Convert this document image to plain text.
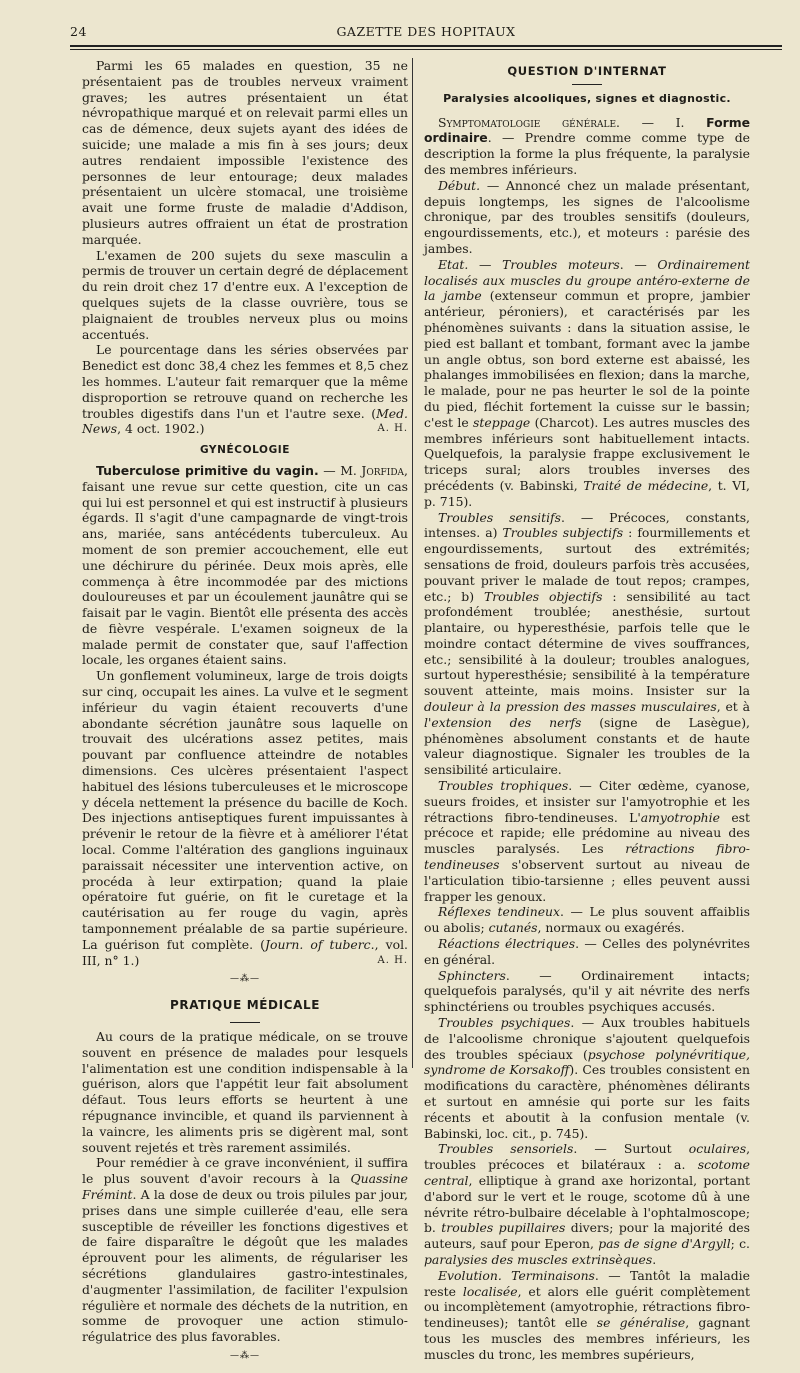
24	GAZETTE DES HOPITAUX

Parmi les 65 malades en question, 35 ne présentaient pas de troubles nerveux vraiment graves; les autres présentaient un état névropathique marqué et on relevait parmi elles un cas de démence, deux sujets ayant des idées de suicide; une malade a mis fin à ses jours; deux autres rendaient impossible l'existence des personnes de leur entourage; deux malades présentaient un ulcère stomacal, une troisième avait une forme fruste de maladie d'Addison, plusieurs autres offraient un état de prostration marquée.

L'examen de 200 sujets du sexe masculin a permis de trouver un certain degré de déplacement du rein droit chez 17 d'entre eux. A l'exception de quelques sujets de la classe ouvrière, tous se plaignaient de troubles nerveux plus ou moins accentués.

Le pourcentage dans les séries observées par Benedict est donc 38,4 chez les femmes et 8,5 chez les hommes. L'auteur fait remarquer que la même disproportion se retrouve quand on recherche les troubles digestifs dans l'un et l'autre sexe. (Med. News, 4 oct. 1902.)	A. H.

GYNÉCOLOGIE

Tuberculose primitive du vagin. — M. Jorfida, faisant une revue sur cette question, cite un cas qui lui est personnel et qui est instructif à plusieurs égards. Il s'agit d'une campagnarde de vingt-trois ans, mariée, sans antécédents tuberculeux. Au moment de son premier accouchement, elle eut une déchirure du périnée. Deux mois après, elle commença à être incommodée par des mictions douloureuses et par un écoulement jaunâtre qui se faisait par le vagin. Bientôt elle présenta des accès de fièvre vespérale. L'examen soigneux de la malade permit de constater que, sauf l'affection locale, les organes étaient sains.

Un gonflement volumineux, large de trois doigts sur cinq, occupait les aines. La vulve et le segment inférieur du vagin étaient recouverts d'une abondante sécrétion jaunâtre sous laquelle on trouvait des ulcérations assez petites, mais pouvant par confluence atteindre de notables dimensions. Ces ulcères présentaient l'aspect habituel des lésions tuberculeuses et le microscope y décela nettement la présence du bacille de Koch. Des injections antiseptiques furent impuissantes à prévenir le retour de la fièvre et à améliorer l'état local. Comme l'altération des ganglions inguinaux paraissait nécessiter une intervention active, on procéda à leur extirpation; quand la plaie opératoire fut guérie, on fit le curetage et la cautérisation au fer rouge du vagin, après tamponnement préalable de sa partie supérieure. La guérison fut complète. (Journ. of tuberc., vol. III, n° 1.)	A. H.

—⁂—
PRATIQUE MÉDICALE

Au cours de la pratique médicale, on se trouve souvent en présence de malades pour lesquels l'alimentation est une condition indispensable à la guérison, alors que l'appétit leur fait absolument défaut. Tous leurs efforts se heurtent à une répugnance invincible, et quand ils parviennent à la vaincre, les aliments pris se digèrent mal, sont souvent rejetés et très rarement assimilés.

Pour remédier à ce grave inconvénient, il suffira le plus souvent d'avoir recours à la Quassine Frémint. A la dose de deux ou trois pilules par jour, prises dans une simple cuillerée d'eau, elle sera susceptible de réveiller les fonctions digestives et de faire disparaître le dégoût que les malades éprouvent pour les aliments, de régulariser les sécrétions glandulaires gastro-intestinales, d'augmenter l'assimilation, de faciliter l'expulsion régulière et normale des déchets de la nutrition, en somme de provoquer une action stimulo-régulatrice des plus favorables.

—⁂—
QUESTION D'INTERNAT
Paralysies alcooliques, signes et diagnostic.

Symptomatologie générale. — I. Forme ordinaire. — Prendre comme comme type de description la forme la plus fréquente, la paralysie des membres inférieurs.

Début. — Annoncé chez un malade présentant, depuis longtemps, les signes de l'alcoolisme chronique, par des troubles sensitifs (douleurs, engourdissements, etc.), et moteurs : parésie des jambes.

Etat. — Troubles moteurs. — Ordinairement localisés aux muscles du groupe antéro-externe de la jambe (extenseur commun et propre, jambier antérieur, péroniers), et caractérisés par les phénomènes suivants : dans la situation assise, le pied est ballant et tombant, formant avec la jambe un angle obtus, son bord externe est abaissé, les phalanges immobilisées en flexion; dans la marche, le malade, pour ne pas heurter le sol de la pointe du pied, fléchit fortement la cuisse sur le bassin; c'est le steppage (Charcot). Les autres muscles des membres inférieurs sont habituellement intacts. Quelquefois, la paralysie frappe exclusivement le triceps sural; alors troubles inverses des précédents (v. Babinski, Traité de médecine, t. VI, p. 715).

Troubles sensitifs. — Précoces, constants, intenses. a) Troubles subjectifs : fourmillements et engourdissements, surtout des extrémités; sensations de froid, douleurs parfois très accusées, pouvant priver le malade de tout repos; crampes, etc.; b) Troubles objectifs : sensibilité au tact profondément troublée; anesthésie, surtout plantaire, ou hyperesthésie, parfois telle que le moindre contact détermine de vives souffrances, etc.; sensibilité à la douleur; troubles analogues, surtout hyperesthésie; sensibilité à la température souvent atteinte, mais moins. Insister sur la douleur à la pression des masses musculaires, et à l'extension des nerfs (signe de Lasègue), phénomènes absolument constants et de haute valeur diagnostique. Signaler les troubles de la sensibilité articulaire.

Troubles trophiques. — Citer œdème, cyanose, sueurs froides, et insister sur l'amyotrophie et les rétractions fibro-tendineuses. L'amyotrophie est précoce et rapide; elle prédomine au niveau des muscles paralysés. Les rétractions fibro-tendineuses s'observent surtout au niveau de l'articulation tibio-tarsienne ; elles peuvent aussi frapper les genoux.

Réflexes tendineux. — Le plus souvent affaiblis ou abolis; cutanés, normaux ou exagérés.

Réactions électriques. — Celles des polynévrites en général.

Sphincters. — Ordinairement intacts; quelquefois paralysés, qu'il y ait névrite des nerfs sphinctériens ou troubles psychiques accusés.

Troubles psychiques. — Aux troubles habituels de l'alcoolisme chronique s'ajoutent quelquefois des troubles spéciaux (psychose polynévritique, syndrome de Korsakoff). Ces troubles consistent en modifications du caractère, phénomènes délirants et surtout en amnésie qui porte sur les faits récents et aboutit à la confusion mentale (v. Babinski, loc. cit., p. 745).

Troubles sensoriels. — Surtout oculaires, troubles précoces et bilatéraux : a. scotome central, elliptique à grand axe horizontal, portant d'abord sur le vert et le rouge, scotome dû à une névrite rétro-bulbaire décelable à l'ophtalmoscope; b. troubles pupillaires divers; pour la majorité des auteurs, sauf pour Eperon, pas de signe d'Argyll; c. paralysies des muscles extrinsèques.

Evolution. Terminaisons. — Tantôt la maladie reste localisée, et alors elle guérit complètement ou incomplètement (amyotrophie, rétractions fibro-tendineuses); tantôt elle se généralise, gagnant tous les muscles des membres inférieurs, les muscles du tronc, les membres supérieurs,
